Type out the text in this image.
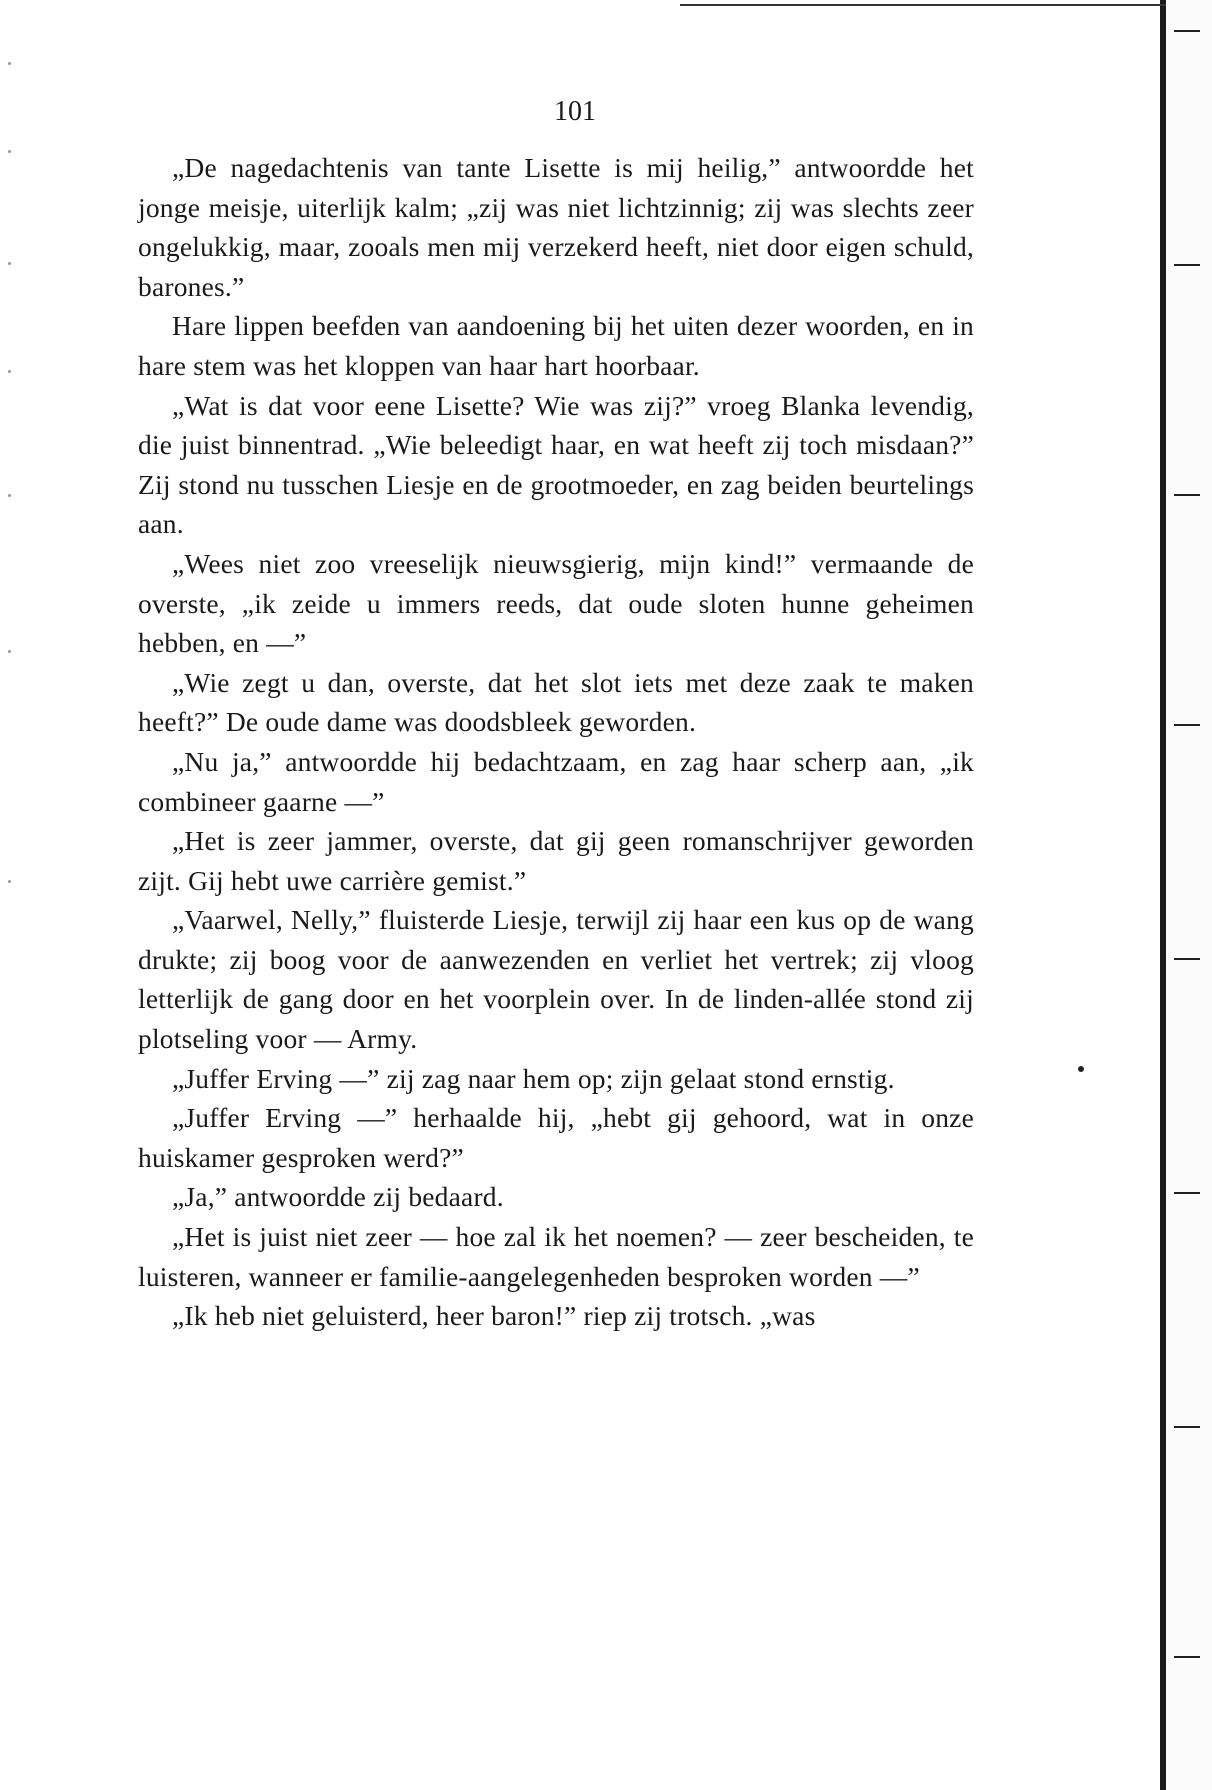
101

„De nagedachtenis van tante Lisette is mij heilig,” antwoordde het jonge meisje, uiterlijk kalm; „zij was niet lichtzinnig; zij was slechts zeer ongelukkig, maar, zooals men mij verzekerd heeft, niet door eigen schuld, barones.”

Hare lippen beefden van aandoening bij het uiten dezer woorden, en in hare stem was het kloppen van haar hart hoorbaar.

„Wat is dat voor eene Lisette? Wie was zij?” vroeg Blanka levendig, die juist binnentrad. „Wie beleedigt haar, en wat heeft zij toch misdaan?” Zij stond nu tusschen Liesje en de grootmoeder, en zag beiden beurtelings aan.

„Wees niet zoo vreeselijk nieuwsgierig, mijn kind!” vermaande de overste, „ik zeide u immers reeds, dat oude sloten hunne geheimen hebben, en —”

„Wie zegt u dan, overste, dat het slot iets met deze zaak te maken heeft?” De oude dame was doodsbleek geworden.

„Nu ja,” antwoordde hij bedachtzaam, en zag haar scherp aan, „ik combineer gaarne —”

„Het is zeer jammer, overste, dat gij geen romanschrijver geworden zijt. Gij hebt uwe carrière gemist.”

„Vaarwel, Nelly,” fluisterde Liesje, terwijl zij haar een kus op de wang drukte; zij boog voor de aanwezenden en verliet het vertrek; zij vloog letterlijk de gang door en het voorplein over. In de linden-allée stond zij plotseling voor — Army.

„Juffer Erving —” zij zag naar hem op; zijn gelaat stond ernstig.

„Juffer Erving —” herhaalde hij, „hebt gij gehoord, wat in onze huiskamer gesproken werd?”

„Ja,” antwoordde zij bedaard.

„Het is juist niet zeer — hoe zal ik het noemen? — zeer bescheiden, te luisteren, wanneer er familie-aangelegenheden besproken worden —”

„Ik heb niet geluisterd, heer baron!” riep zij trotsch. „was
